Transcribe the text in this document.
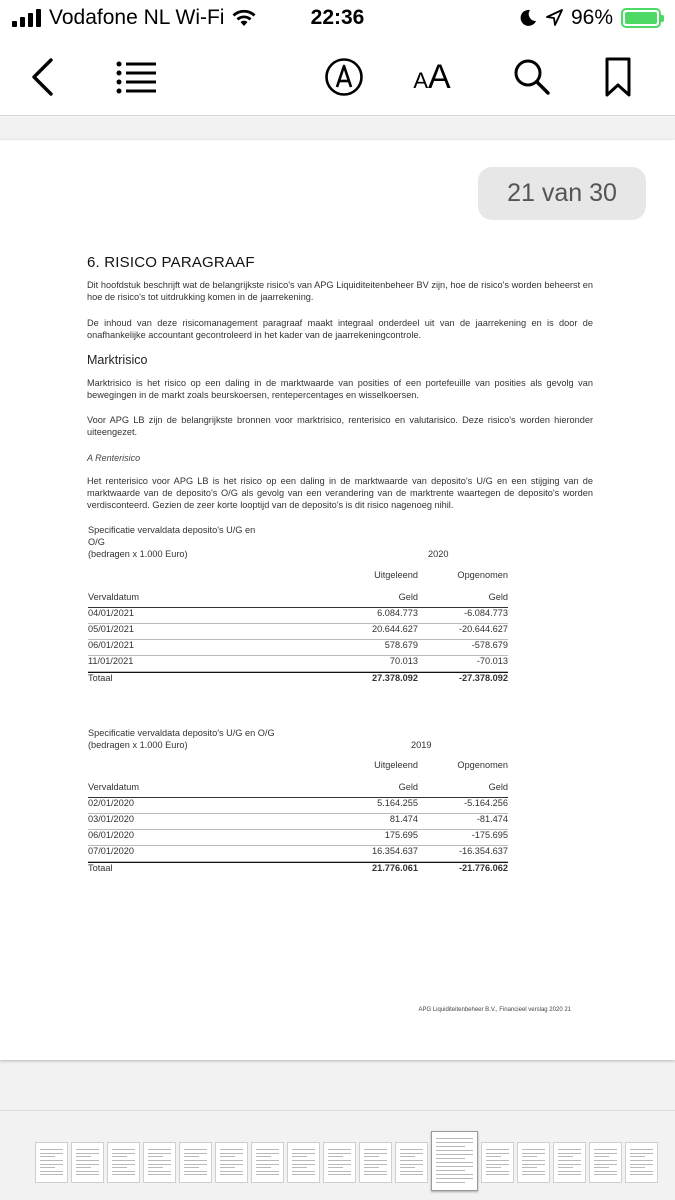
Vodafone NL Wi-Fi	22:36	96%
A A
21 van 30
6. RISICO PARAGRAAF
Dit hoofdstuk beschrijft wat de belangrijkste risico's van APG Liquiditeitenbeheer BV zijn, hoe de risico's worden beheerst en hoe de risico's tot uitdrukking komen in de jaarrekening.
De inhoud van deze risicomanagement paragraaf maakt integraal onderdeel uit van de jaarrekening en is door de onafhankelijke accountant gecontroleerd in het kader van de jaarrekeningcontrole.
Marktrisico
Marktrisico is het risico op een daling in de marktwaarde van posities of een portefeuille van posities als gevolg van bewegingen in de markt zoals beurskoersen, rentepercentages en wisselkoersen.
Voor APG LB zijn de belangrijkste bronnen voor marktrisico, renterisico en valutarisico. Deze risico's worden hieronder uiteengezet.
A Renterisico
Het renterisico voor APG LB is het risico op een daling in de marktwaarde van deposito's U/G en een stijging van de marktwaarde van de deposito's O/G als gevolg van een verandering van de marktrente waartegen de deposito's worden verdisconteerd. Gezien de zeer korte looptijd van de deposito's is dit risico nagenoeg nihil.
Specificatie vervaldata deposito's U/G en
O/G
(bedragen x 1.000 Euro)	2020
Uitgeleend	Opgenomen
Vervaldatum	Geld	Geld
04/01/2021	6.084.773	-6.084.773
05/01/2021	20.644.627	-20.644.627
06/01/2021	578.679	-578.679
11/01/2021	70.013	-70.013
Totaal	27.378.092	-27.378.092
Specificatie vervaldata deposito's U/G en O/G
(bedragen x 1.000 Euro)	2019
Uitgeleend	Opgenomen
Vervaldatum	Geld	Geld
02/01/2020	5.164.255	-5.164.256
03/01/2020	81.474	-81.474
06/01/2020	175.695	-175.695
07/01/2020	16.354.637	-16.354.637
Totaal	21.776.061	-21.776.062
APG Liquiditeitenbeheer B.V., Financieel verslag 2020 21
